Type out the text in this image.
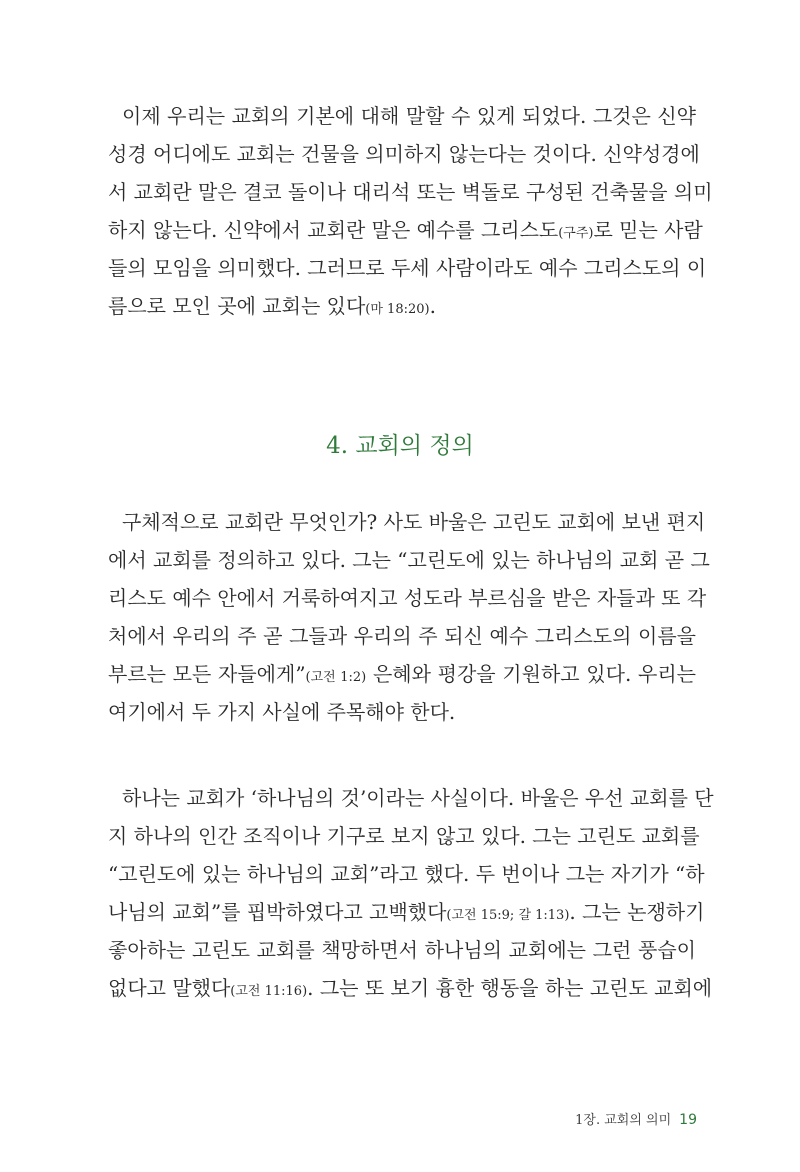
이제 우리는 교회의 기본에 대해 말할 수 있게 되었다. 그것은 신약
성경 어디에도 교회는 건물을 의미하지 않는다는 것이다. 신약성경에
서 교회란 말은 결코 돌이나 대리석 또는 벽돌로 구성된 건축물을 의미
하지 않는다. 신약에서 교회란 말은 예수를 그리스도(구주)로 믿는 사람
들의 모임을 의미했다. 그러므로 두세 사람이라도 예수 그리스도의 이
름으로 모인 곳에 교회는 있다(마 18:20).
4. 교회의 정의
구체적으로 교회란 무엇인가? 사도 바울은 고린도 교회에 보낸 편지
에서 교회를 정의하고 있다. 그는 “고린도에 있는 하나님의 교회 곧 그
리스도 예수 안에서 거룩하여지고 성도라 부르심을 받은 자들과 또 각
처에서 우리의 주 곧 그들과 우리의 주 되신 예수 그리스도의 이름을
부르는 모든 자들에게”(고전 1:2) 은혜와 평강을 기원하고 있다. 우리는
여기에서 두 가지 사실에 주목해야 한다.
하나는 교회가 ‘하나님의 것’이라는 사실이다. 바울은 우선 교회를 단
지 하나의 인간 조직이나 기구로 보지 않고 있다. 그는 고린도 교회를
“고린도에 있는 하나님의 교회”라고 했다. 두 번이나 그는 자기가 “하
나님의 교회”를 핍박하였다고 고백했다(고전 15:9; 갈 1:13). 그는 논쟁하기
좋아하는 고린도 교회를 책망하면서 하나님의 교회에는 그런 풍습이
없다고 말했다(고전 11:16). 그는 또 보기 흉한 행동을 하는 고린도 교회에
1장. 교회의 의미 19
